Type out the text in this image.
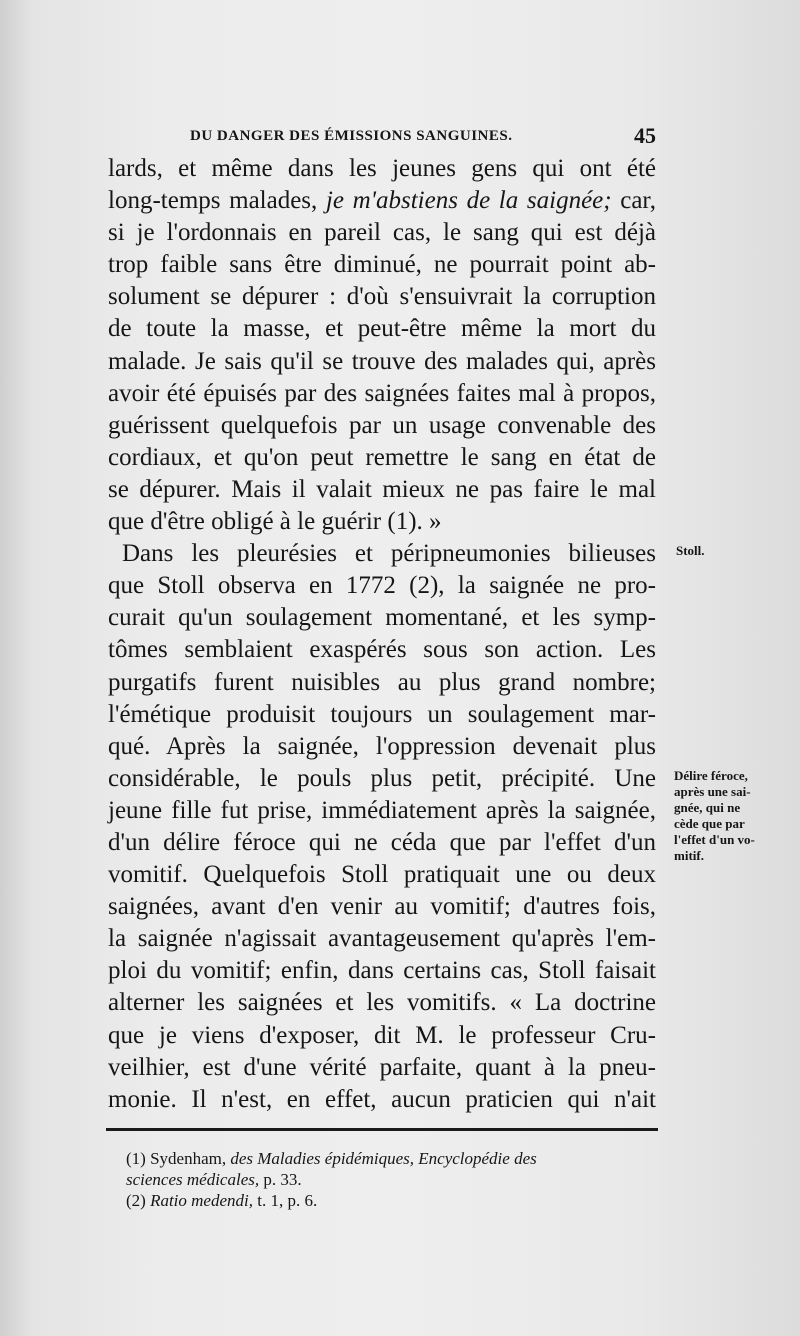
DU DANGER DES ÉMISSIONS SANGUINES.	45
lards, et même dans les jeunes gens qui ont été
long-temps malades, je m'abstiens de la saignée; car,
si je l'ordonnais en pareil cas, le sang qui est déjà
trop faible sans être diminué, ne pourrait point ab-
solument se dépurer : d'où s'ensuivrait la corruption
de toute la masse, et peut-être même la mort du
malade. Je sais qu'il se trouve des malades qui, après
avoir été épuisés par des saignées faites mal à propos,
guérissent quelquefois par un usage convenable des
cordiaux, et qu'on peut remettre le sang en état de
se dépurer. Mais il valait mieux ne pas faire le mal
que d'être obligé à le guérir (1). »
Dans les pleurésies et péripneumonies bilieuses
que Stoll observa en 1772 (2), la saignée ne pro-
curait qu'un soulagement momentané, et les symp-
tômes semblaient exaspérés sous son action. Les
purgatifs furent nuisibles au plus grand nombre;
l'émétique produisit toujours un soulagement mar-
qué. Après la saignée, l'oppression devenait plus
considérable, le pouls plus petit, précipité. Une
jeune fille fut prise, immédiatement après la saignée,
d'un délire féroce qui ne céda que par l'effet d'un
vomitif. Quelquefois Stoll pratiquait une ou deux
saignées, avant d'en venir au vomitif; d'autres fois,
la saignée n'agissait avantageusement qu'après l'em-
ploi du vomitif; enfin, dans certains cas, Stoll faisait
alterner les saignées et les vomitifs. « La doctrine
que je viens d'exposer, dit M. le professeur Cru-
veilhier, est d'une vérité parfaite, quant à la pneu-
monie. Il n'est, en effet, aucun praticien qui n'ait
Stoll.
Délire féroce,
après une sai-
gnée, qui ne
cède que par
l'effet d'un vo-
mitif.
(1) Sydenham, des Maladies épidémiques, Encyclopédie des
sciences médicales, p. 33.
(2) Ratio medendi, t. 1, p. 6.
